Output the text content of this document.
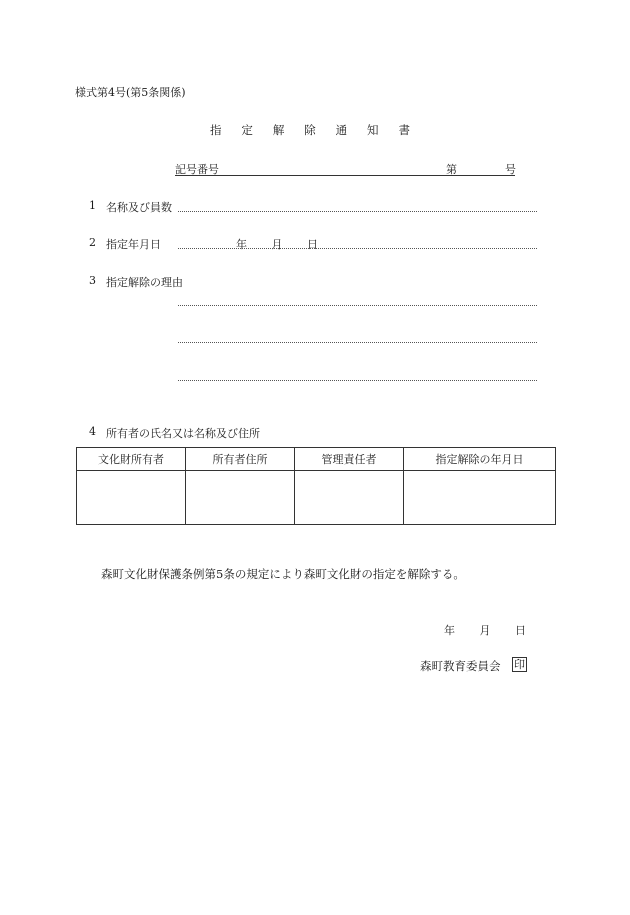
様式第4号(第5条関係)
指 定 解 除 通 知 書
記号番号	第	号
1 名称及び員数
2 指定年月日	年 月 日
3 指定解除の理由
4 所有者の氏名又は名称及び住所
文化財所有者	所有者住所	管理責任者	指定解除の年月日

森町文化財保護条例第5条の規定により森町文化財の指定を解除する。
年 月 日
森町教育委員会 印
